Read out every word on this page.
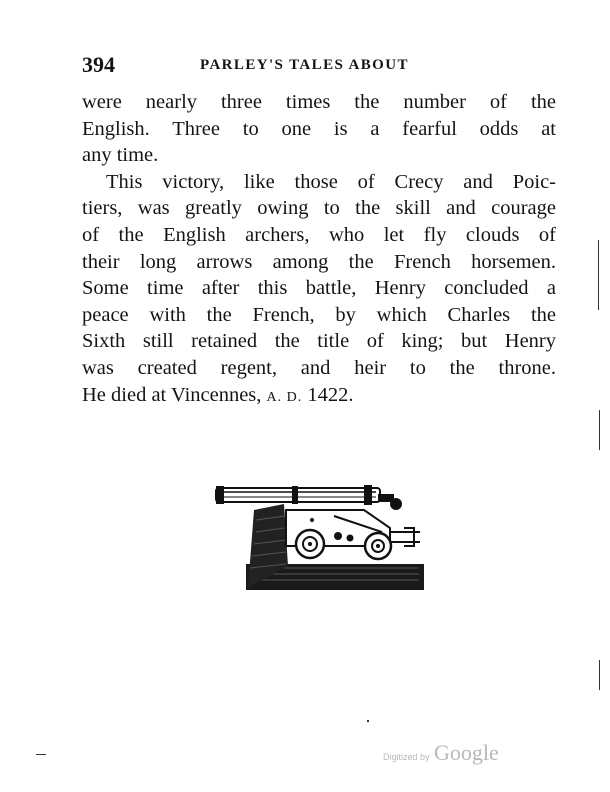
394	PARLEY'S TALES ABOUT
were nearly three times the number of the
English. Three to one is a fearful odds at
any time.
This victory, like those of Crecy and Poic-
tiers, was greatly owing to the skill and courage
of the English archers, who let fly clouds of
their long arrows among the French horsemen.
Some time after this battle, Henry concluded a
peace with the French, by which Charles the
Sixth still retained the title of king; but Henry
was created regent, and heir to the throne.
He died at Vincennes, A. D. 1422.
Digitized by Google
